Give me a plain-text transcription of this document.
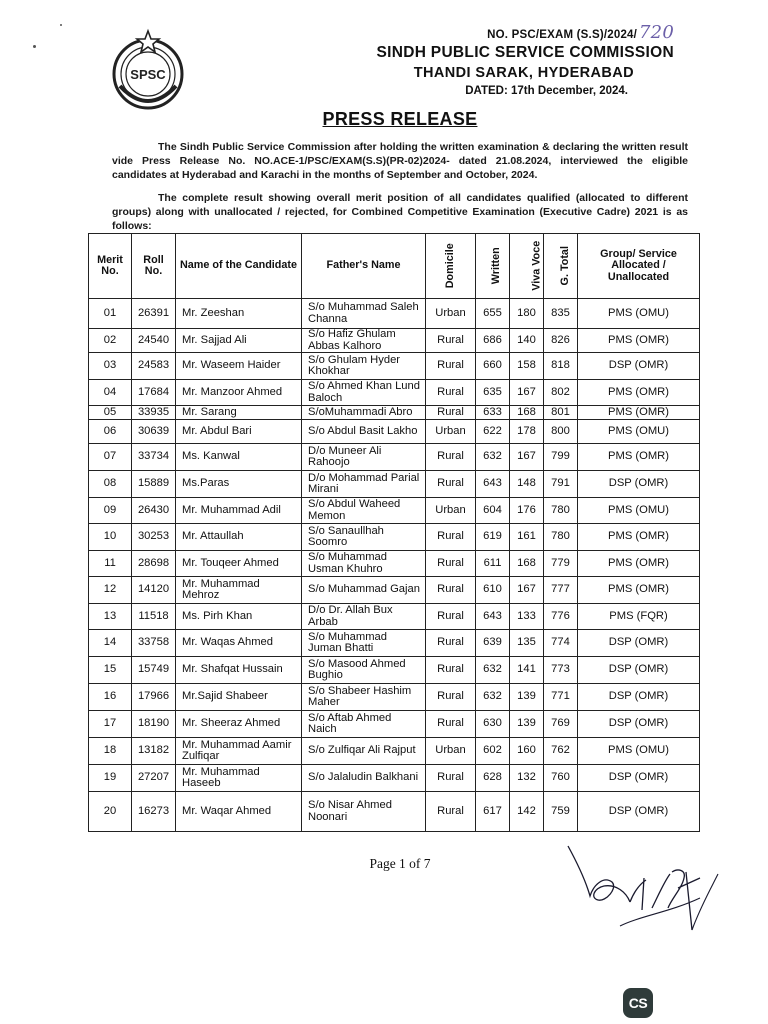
SPSC
NO. PSC/EXAM (S.S)/2024/ 720
SINDH PUBLIC SERVICE COMMISSION
THANDI SARAK, HYDERABAD
DATED: 17th December, 2024.
PRESS RELEASE
The Sindh Public Service Commission after holding the written examination & declaring the written result vide Press Release No. NO.ACE-1/PSC/EXAM(S.S)(PR-02)2024- dated 21.08.2024, interviewed the eligible candidates at Hyderabad and Karachi in the months of September and October, 2024.
The complete result showing overall merit position of all candidates qualified (allocated to different groups) along with unallocated / rejected, for Combined Competitive Examination (Executive Cadre) 2021 is as follows:
Merit No.	Roll No.	Name of the Candidate	Father's Name	Domicile	Written	Viva Voce	G. Total	Group/ Service Allocated / Unallocated
01	26391	Mr. Zeeshan	S/o Muhammad Saleh Channa	Urban	655	180	835	PMS (OMU)
02	24540	Mr. Sajjad Ali	S/o Hafiz Ghulam Abbas Kalhoro	Rural	686	140	826	PMS (OMR)
03	24583	Mr. Waseem Haider	S/o Ghulam Hyder Khokhar	Rural	660	158	818	DSP (OMR)
04	17684	Mr. Manzoor Ahmed	S/o Ahmed Khan Lund Baloch	Rural	635	167	802	PMS (OMR)
05	33935	Mr. Sarang	S/oMuhammadi Abro	Rural	633	168	801	PMS (OMR)
06	30639	Mr. Abdul Bari	S/o Abdul Basit Lakho	Urban	622	178	800	PMS (OMU)
07	33734	Ms. Kanwal	D/o Muneer Ali Rahoojo	Rural	632	167	799	PMS (OMR)
08	15889	Ms.Paras	D/o Mohammad Parial Mirani	Rural	643	148	791	DSP (OMR)
09	26430	Mr. Muhammad Adil	S/o Abdul Waheed Memon	Urban	604	176	780	PMS (OMU)
10	30253	Mr. Attaullah	S/o Sanaullhah Soomro	Rural	619	161	780	PMS (OMR)
11	28698	Mr. Touqeer Ahmed	S/o Muhammad Usman Khuhro	Rural	611	168	779	PMS (OMR)
12	14120	Mr. Muhammad Mehroz	S/o Muhammad Gajan	Rural	610	167	777	PMS (OMR)
13	11518	Ms. Pirh Khan	D/o Dr. Allah Bux Arbab	Rural	643	133	776	PMS (FQR)
14	33758	Mr. Waqas Ahmed	S/o Muhammad Juman Bhatti	Rural	639	135	774	DSP (OMR)
15	15749	Mr. Shafqat Hussain	S/o Masood Ahmed Bughio	Rural	632	141	773	DSP (OMR)
16	17966	Mr.Sajid Shabeer	S/o Shabeer Hashim Maher	Rural	632	139	771	DSP (OMR)
17	18190	Mr. Sheeraz Ahmed	S/o Aftab Ahmed Naich	Rural	630	139	769	DSP (OMR)
18	13182	Mr. Muhammad Aamir Zulfiqar	S/o Zulfiqar Ali Rajput	Urban	602	160	762	PMS (OMU)
19	27207	Mr. Muhammad Haseeb	S/o Jalaludin Balkhani	Rural	628	132	760	DSP (OMR)
20	16273	Mr. Waqar Ahmed	S/o Nisar Ahmed Noonari	Rural	617	142	759	DSP (OMR)
Page 1 of 7
CS
